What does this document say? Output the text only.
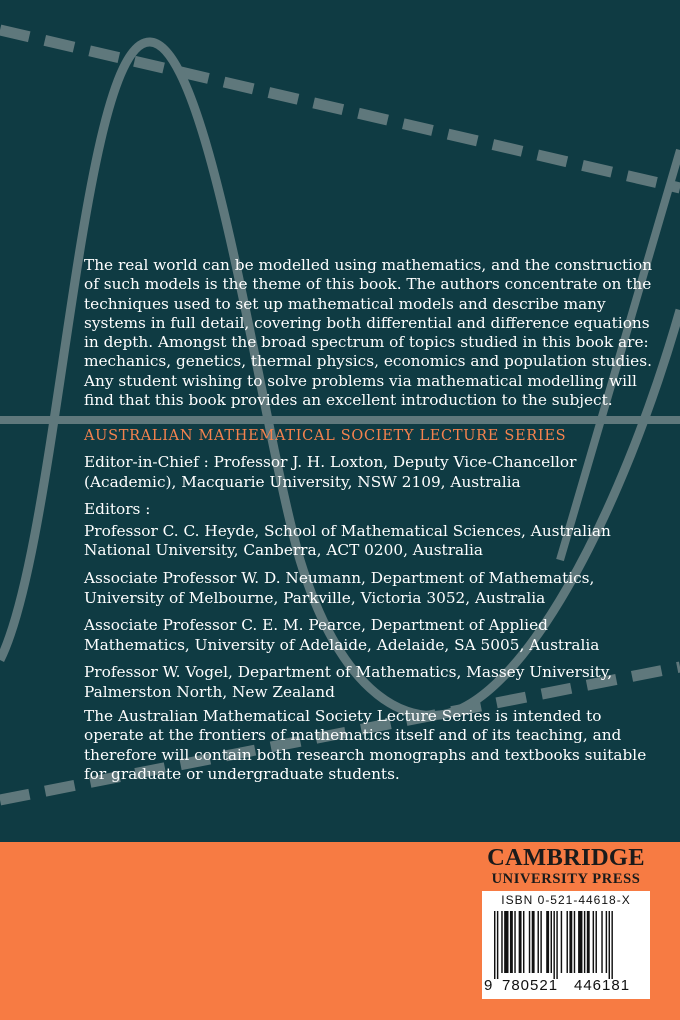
The real world can be modelled using mathematics, and the construction of such models is the theme of this book. The authors concentrate on the techniques used to set up mathematical models and describe many systems in full detail, covering both differential and difference equations in depth. Amongst the broad spectrum of topics studied in this book are: mechanics, genetics, thermal physics, economics and population studies. Any student wishing to solve problems via mathematical modelling will find that this book provides an excellent introduction to the subject.

AUSTRALIAN MATHEMATICAL SOCIETY LECTURE SERIES

Editor-in-Chief : Professor J. H. Loxton, Deputy Vice-Chancellor (Academic), Macquarie University, NSW 2109, Australia

Editors :

Professor C. C. Heyde, School of Mathematical Sciences, Australian National University, Canberra, ACT 0200, Australia

Associate Professor W. D. Neumann, Department of Mathematics, University of Melbourne, Parkville, Victoria 3052, Australia

Associate Professor C. E. M. Pearce, Department of Applied Mathematics, University of Adelaide, Adelaide, SA 5005, Australia

Professor W. Vogel, Department of Mathematics, Massey University, Palmerston North, New Zealand

The Australian Mathematical Society Lecture Series is intended to operate at the frontiers of mathematics itself and of its teaching, and therefore will contain both research monographs and textbooks suitable for graduate or undergraduate students.

CAMBRIDGE
UNIVERSITY PRESS
ISBN 0-521-44618-X
9 780521 446181
